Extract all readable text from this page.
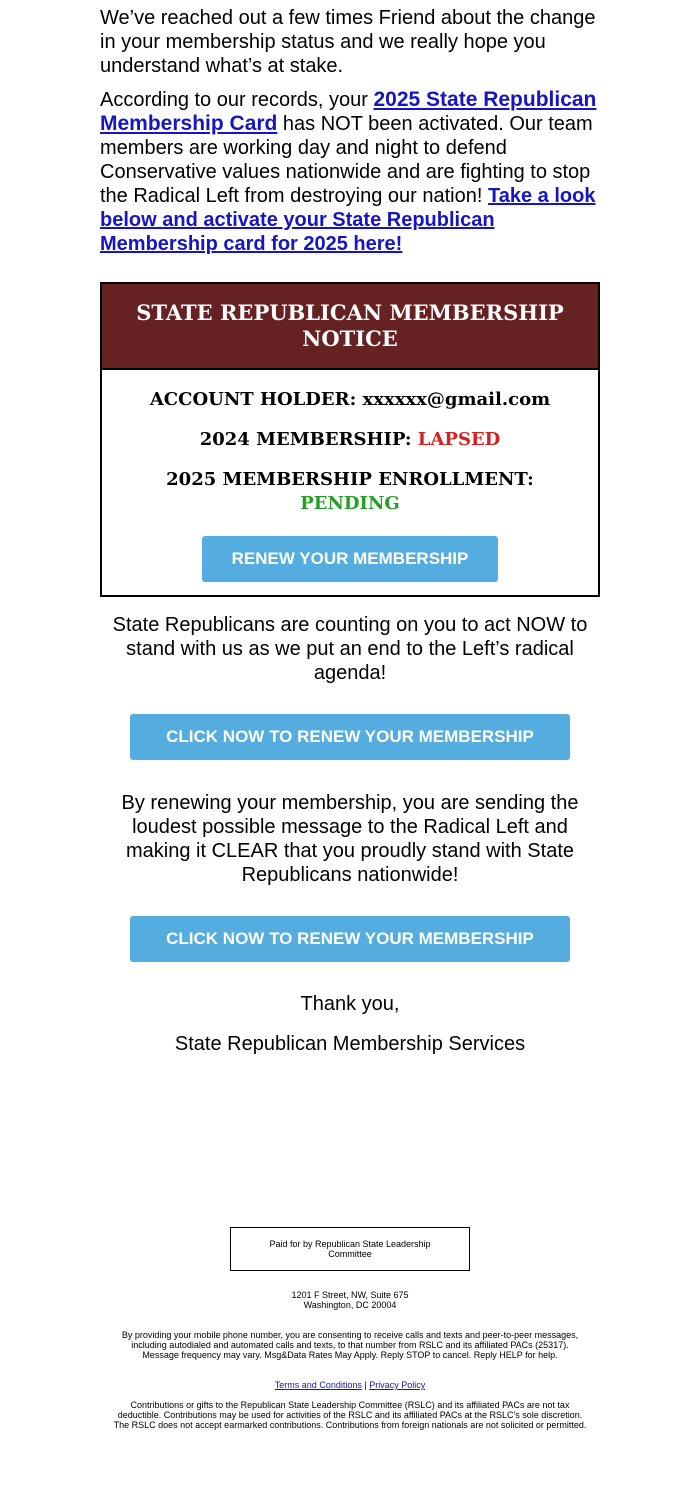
We’ve reached out a few times Friend about the change in your membership status and we really hope you understand what’s at stake.

According to our records, your 2025 State Republican Membership Card has NOT been activated. Our team members are working day and night to defend Conservative values nationwide and are fighting to stop the Radical Left from destroying our nation! Take a look below and activate your State Republican Membership card for 2025 here!

STATE REPUBLICAN MEMBERSHIP NOTICE

ACCOUNT HOLDER: xxxxxx@gmail.com

2024 MEMBERSHIP: LAPSED

2025 MEMBERSHIP ENROLLMENT:

PENDING

RENEW YOUR MEMBERSHIP

State Republicans are counting on you to act NOW to stand with us as we put an end to the Left’s radical agenda!

CLICK NOW TO RENEW YOUR MEMBERSHIP

By renewing your membership, you are sending the loudest possible message to the Radical Left and making it CLEAR that you proudly stand with State Republicans nationwide!

CLICK NOW TO RENEW YOUR MEMBERSHIP

Thank you,

State Republican Membership Services

Paid for by Republican State Leadership Committee
1201 F Street, NW, Suite 675
Washington, DC 20004
By providing your mobile phone number, you are consenting to receive calls and texts and peer-to-peer messages, including autodialed and automated calls and texts, to that number from RSLC and its affiliated PACs (25317). Message frequency may vary. Msg&Data Rates May Apply. Reply STOP to cancel. Reply HELP for help.
Terms and Conditions | Privacy Policy
Contributions or gifts to the Republican State Leadership Committee (RSLC) and its affiliated PACs are not tax deductible. Contributions may be used for activities of the RSLC and its affiliated PACs at the RSLC's sole discretion. The RSLC does not accept earmarked contributions. Contributions from foreign nationals are not solicited or permitted.
